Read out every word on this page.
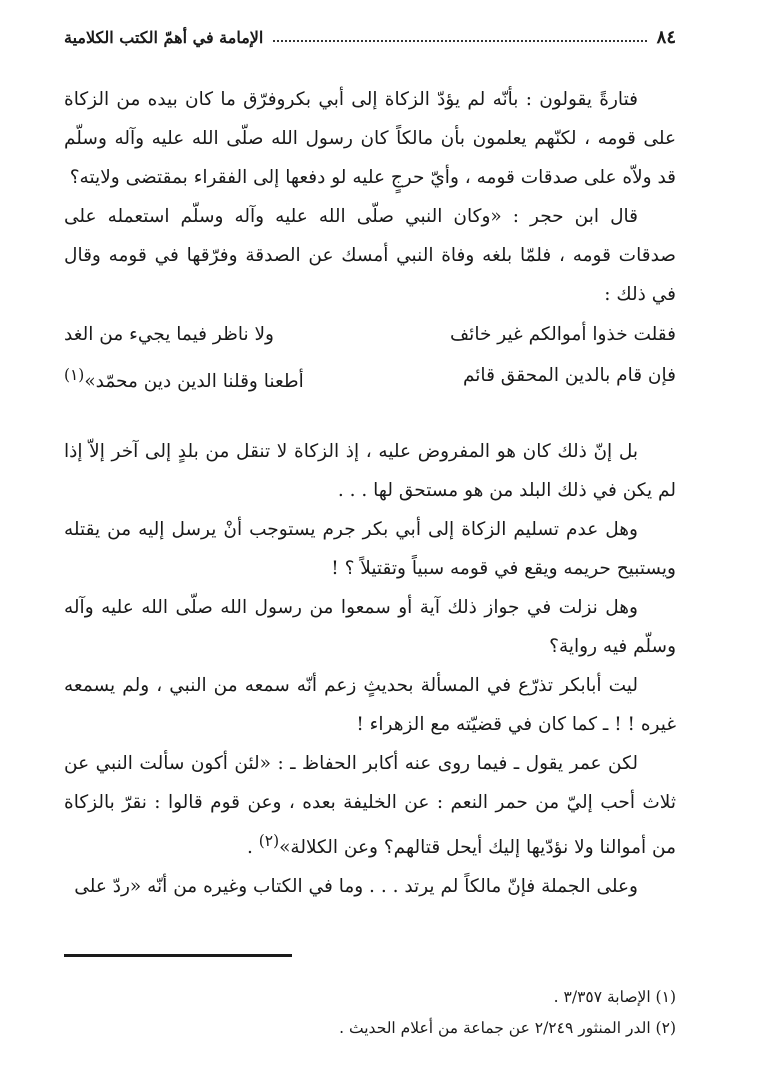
٨٤
الإمامة في أهمّ الكتب الكلامية

فتارةً يقولون : بأنّه لم يؤدّ الزكاة إلى أبي بكروفرّق ما كان بيده من الزكاة على قومه ، لكنّهم يعلمون بأن مالكاً كان رسول الله صلّى الله عليه وآله وسلّم قد ولاّه على صدقات قومه ، وأيّ حرجٍ عليه لو دفعها إلى الفقراء بمقتضى ولايته؟

قال ابن حجر : «وكان النبي صلّى الله عليه وآله وسلّم استعمله على صدقات قومه ، فلمّا بلغه وفاة النبي أمسك عن الصدقة وفرّقها في قومه وقال في ذلك :

فقلت خذوا أموالكم غير خائف
ولا ناظر فيما يجيء من الغد
فإن قام بالدين المحقق قائم
أطعنا وقلنا الدين دين محمّد»$^{(١)}$

بل إنّ ذلك كان هو المفروض عليه ، إذ الزكاة لا تنقل من بلدٍ إلى آخر إلاّ إذا لم يكن في ذلك البلد من هو مستحق لها . . .

وهل عدم تسليم الزكاة إلى أبي بكر جرم يستوجب أنْ يرسل إليه من يقتله ويستبيح حريمه ويقع في قومه سبياً وتقتيلاً ؟ !

وهل نزلت في جواز ذلك آية أو سمعوا من رسول الله صلّى الله عليه وآله وسلّم فيه رواية؟

ليت أبابكر تذرّع في المسألة بحديثٍ زعم أنّه سمعه من النبي ، ولم يسمعه غيره ! ! ـ كما كان في قضيّته مع الزهراء !

لكن عمر يقول ـ فيما روى عنه أكابر الحفاظ ـ : «لئن أكون سألت النبي عن ثلاث أحب إليّ من حمر النعم : عن الخليفة بعده ، وعن قوم قالوا : نقرّ بالزكاة من أموالنا ولا نؤدّيها إليك أيحل قتالهم؟ وعن الكلالة»$^{(٢)}$ .

وعلى الجملة فإنّ مالكاً لم يرتد . . . وما في الكتاب وغيره من أنّه «ردّ على

(١) الإصابة ٣/٣٥٧ .

(٢) الدر المنثور ٢/٢٤٩ عن جماعة من أعلام الحديث .
